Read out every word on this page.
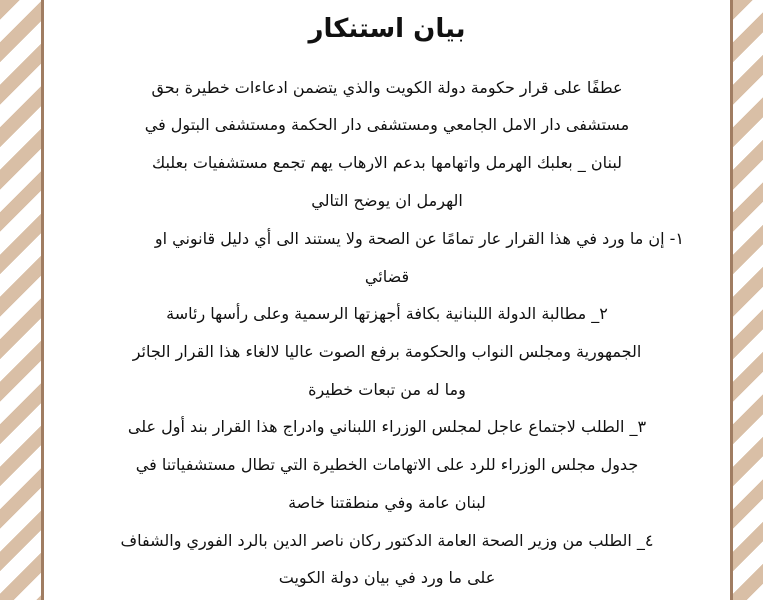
بيان استنكار
عطفًا على قرار حكومة دولة الكويت والذي يتضمن ادعاءات خطيرة بحق
مستشفى دار الامل الجامعي ومستشفى دار الحكمة ومستشفى البتول في
لبنان _ بعلبك الهرمل واتهامها بدعم الارهاب يهم تجمع مستشفيات بعلبك
الهرمل ان يوضح التالي
١- إن ما ورد في هذا القرار عار تمامًا عن الصحة ولا يستند الى أي دليل قانوني او
قضائي
٢_ مطالبة الدولة اللبنانية بكافة أجهزتها الرسمية وعلى رأسها رئاسة
الجمهورية ومجلس النواب والحكومة برفع الصوت عاليا لالغاء هذا القرار الجائر
وما له من تبعات خطيرة
٣_ الطلب لاجتماع عاجل لمجلس الوزراء اللبناني وادراج هذا القرار بند أول على
جدول مجلس الوزراء للرد على الاتهامات الخطيرة التي تطال مستشفياتنا في
لبنان عامة وفي منطقتنا خاصة
٤_ الطلب من وزير الصحة العامة الدكتور ركان ناصر الدين بالرد الفوري والشفاف
على ما ورد في بيان دولة الكويت
